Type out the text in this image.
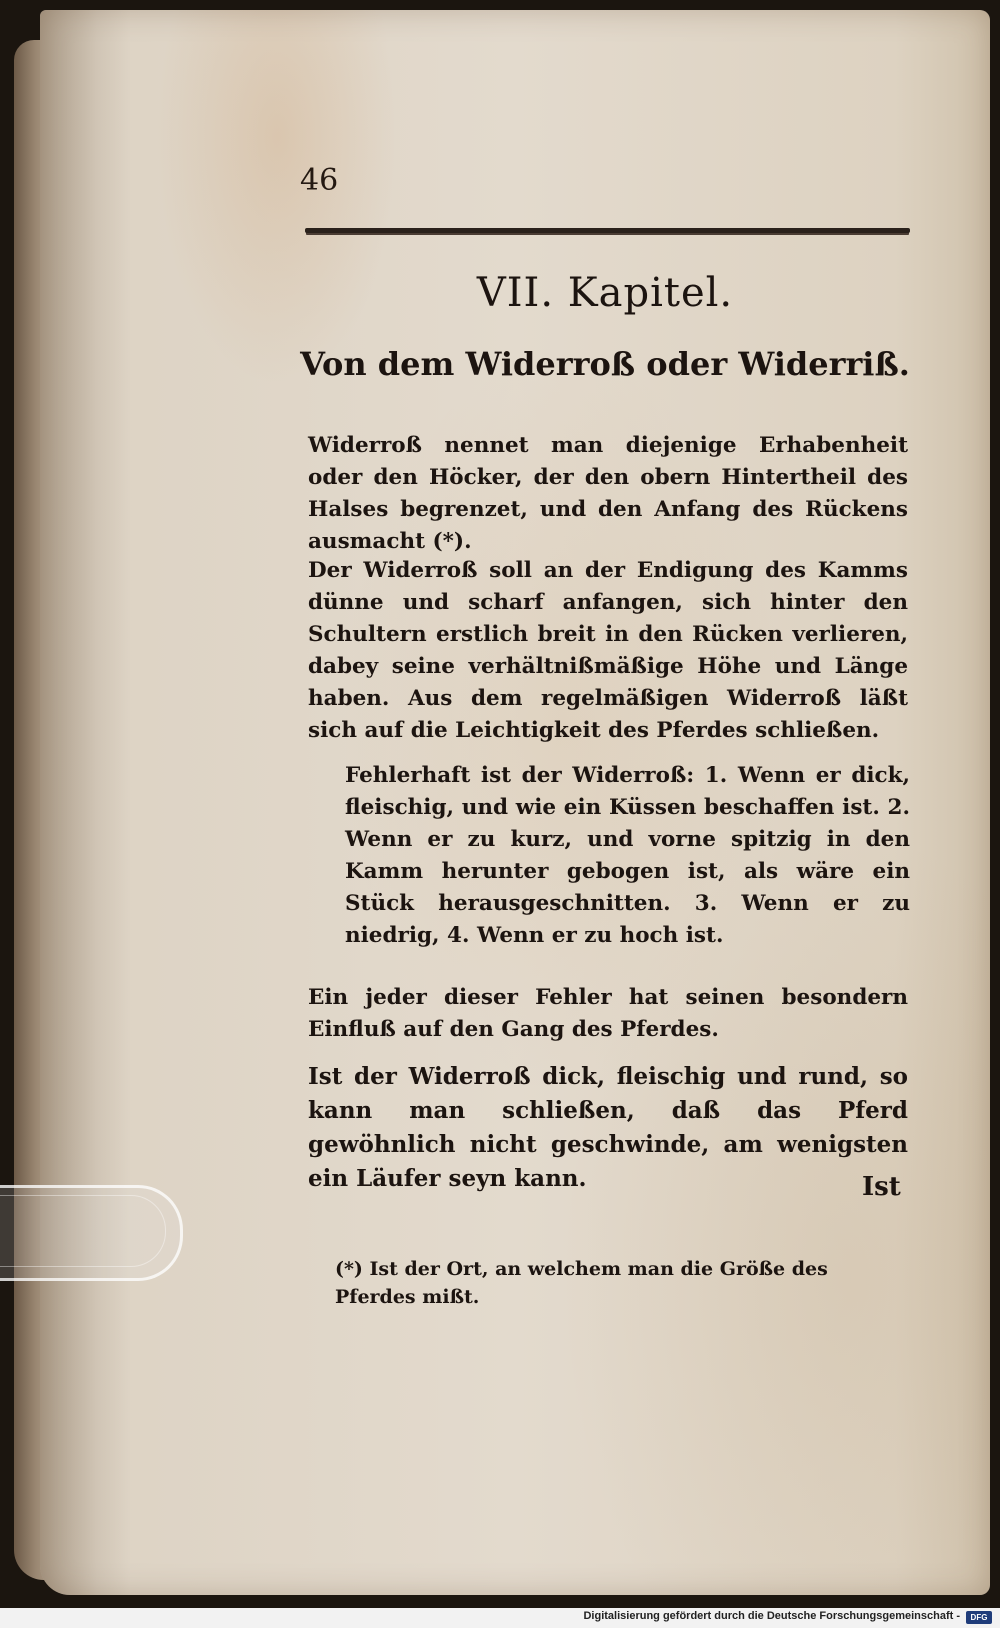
46
VII. Kapitel.
Von dem Widerroß oder Widerriß.
Widerroß nennet man diejenige Erhabenheit oder den Höcker, der den obern Hintertheil des Halses begrenzet, und den Anfang des Rückens ausmacht (*).
Der Widerroß soll an der Endigung des Kamms dünne und scharf anfangen, sich hinter den Schultern erstlich breit in den Rücken verlieren, dabey seine verhältnißmäßige Höhe und Länge haben. Aus dem regelmäßigen Widerroß läßt sich auf die Leichtigkeit des Pferdes schließen.
Fehlerhaft ist der Widerroß: 1. Wenn er dick, fleischig, und wie ein Küssen beschaffen ist. 2. Wenn er zu kurz, und vorne spitzig in den Kamm herunter gebogen ist, als wäre ein Stück herausgeschnitten. 3. Wenn er zu niedrig, 4. Wenn er zu hoch ist.
Ein jeder dieser Fehler hat seinen besondern Einfluß auf den Gang des Pferdes.
Ist der Widerroß dick, fleischig und rund, so kann man schließen, daß das Pferd gewöhnlich nicht geschwinde, am wenigsten ein Läufer seyn kann.	Ist
(*) Ist der Ort, an welchem man die Größe des Pferdes mißt.
Digitalisierung gefördert durch die Deutsche Forschungsgemeinschaft -	DFG
